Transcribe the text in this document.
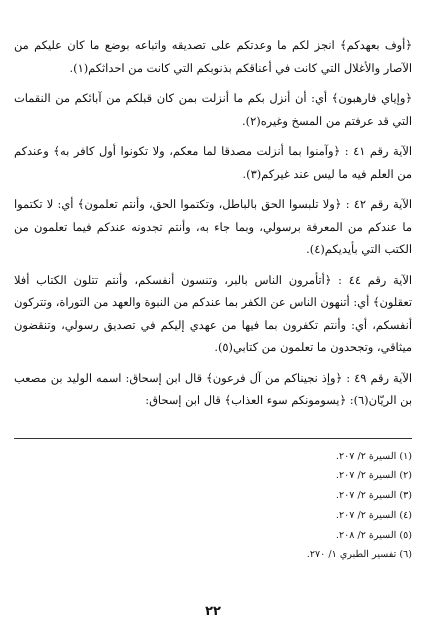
﴿أوف بعهدكم﴾ انجز لكم ما وعدتكم على تصديقه واتباعه بوضع ما كان عليكم من الآصار والأغلال التي كانت في أعناقكم بذنوبكم التي كانت من احداثكم(١).

﴿وإياي فارهبون﴾ أي: أن أنزل بكم ما أنزلت بمن كان قبلكم من آبائكم من النقمات التي قد عرفتم من المسخ وغيره(٢).

الآية رقم ٤١ : ﴿وآمنوا بما أنزلت مصدقا لما معكم، ولا تكونوا أول كافر به﴾ وعندكم من العلم فيه ما ليس عند غيركم(٣).

الآية رقم ٤٢ : ﴿ولا تلبسوا الحق بالباطل، وتكتموا الحق، وأنتم تعلمون﴾ أي: لا تكتموا ما عندكم من المعرفة برسولي، وبما جاء به، وأنتم تجدونه عندكم فيما تعلمون من الكتب التي بأيديكم(٤).

الآية رقم ٤٤ : ﴿أتأمرون الناس بالبر، وتنسون أنفسكم، وأنتم تتلون الكتاب أفلا تعقلون﴾ أي: أتنهون الناس عن الكفر بما عندكم من النبوة والعهد من التوراة، وتتركون أنفسكم، أي: وأنتم تكفرون بما فيها من عهدي إليكم في تصديق رسولي، وتنقضون ميثاقي، وتجحدون ما تعلمون من كتابي(٥).

الآية رقم ٤٩ : ﴿وإذ نجيناكم من آل فرعون﴾ قال ابن إسحاق: اسمه الوليد بن مصعب بن الريّان(٦): ﴿يسومونكم سوء العذاب﴾ قال ابن إسحاق:

(١) السيرة ٢/ ٢٠٧.

(٢) السيرة ٢/ ٢٠٧.

(٣) السيرة ٢/ ٢٠٧.

(٤) السيرة ٢/ ٢٠٧.

(٥) السيرة ٢/ ٢٠٨.

(٦) تفسير الطبري ١/ ٢٧٠.

٢٢
